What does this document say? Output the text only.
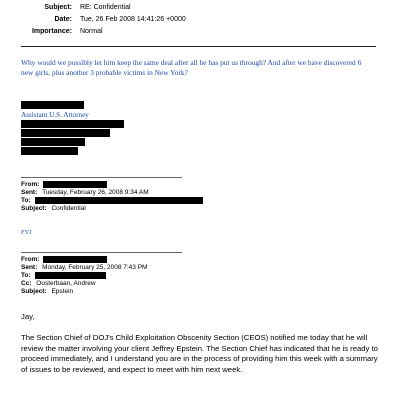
Subject: RE: Confidential
Date: Tue, 26 Feb 2008 14:41:26 +0000
Importance: Normal
Why would we possibly let him keep the same deal after all he has put us through? And after we have discovered 6 new girls, plus another 3 probable victims in New York?
Assistant U.S. Attorney
From:
Sent: Tuesday, February 26, 2008 9:34 AM
To:
Subject: Confidential
FYI
From:
Sent: Monday, February 25, 2008 7:43 PM
To:
Cc: Oosterbaan, Andrew
Subject: Epstein
Jay,
The Section Chief of DOJ's Child Exploitation Obscenity Section (CEOS) notified me today that he will review the matter involving your client Jeffrey Epstein. The Section Chief has indicated that he is ready to proceed immediately, and I understand you are in the process of providing him this week with a summary of issues to be reviewed, and expect to meet with him next week.
